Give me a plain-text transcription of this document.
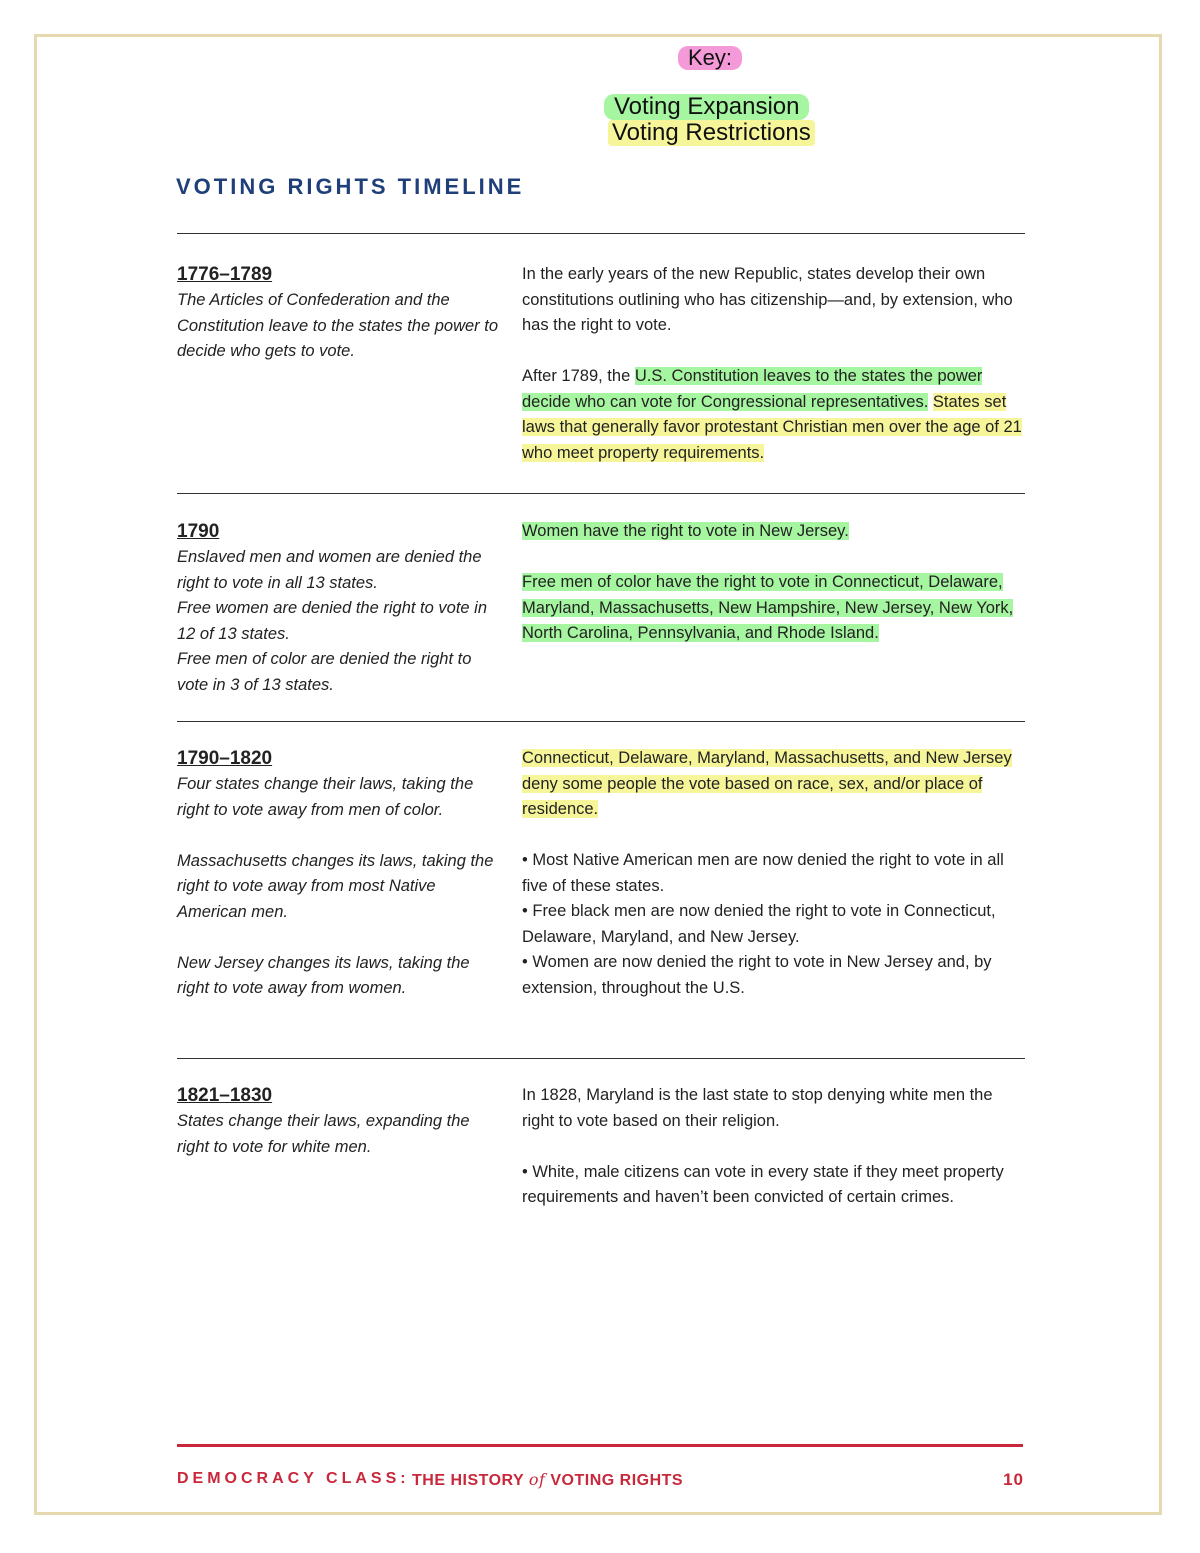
Key:
Voting Expansion
Voting Restrictions
VOTING RIGHTS TIMELINE
1776–1789

The Articles of Confederation and the Constitution leave to the states the power to decide who gets to vote.

In the early years of the new Republic, states develop their own constitutions outlining who has citizenship—and, by extension, who has the right to vote.

After 1789, the U.S. Constitution leaves to the states the power decide who can vote for Congressional representatives. States set laws that generally favor protestant Christian men over the age of 21 who meet property requirements.

1790

Enslaved men and women are denied the right to vote in all 13 states.

Free women are denied the right to vote in 12 of 13 states.

Free men of color are denied the right to vote in 3 of 13 states.

Women have the right to vote in New Jersey.

Free men of color have the right to vote in Connecticut, Delaware, Maryland, Massachusetts, New Hampshire, New Jersey, New York, North Carolina, Pennsylvania, and Rhode Island.

1790–1820

Four states change their laws, taking the right to vote away from men of color.

Massachusetts changes its laws, taking the right to vote away from most Native American men.

New Jersey changes its laws, taking the right to vote away from women.

Connecticut, Delaware, Maryland, Massachusetts, and New Jersey deny some people the vote based on race, sex, and/or place of residence.

• Most Native American men are now denied the right to vote in all five of these states.

• Free black men are now denied the right to vote in Connecticut, Delaware, Maryland, and New Jersey.

• Women are now denied the right to vote in New Jersey and, by extension, throughout the U.S.

1821–1830

States change their laws, expanding the right to vote for white men.

In 1828, Maryland is the last state to stop denying white men the right to vote based on their religion.

• White, male citizens can vote in every state if they meet property requirements and haven’t been convicted of certain crimes.

DEMOCRACY CLASS: THE HISTORY of VOTING RIGHTS	10
